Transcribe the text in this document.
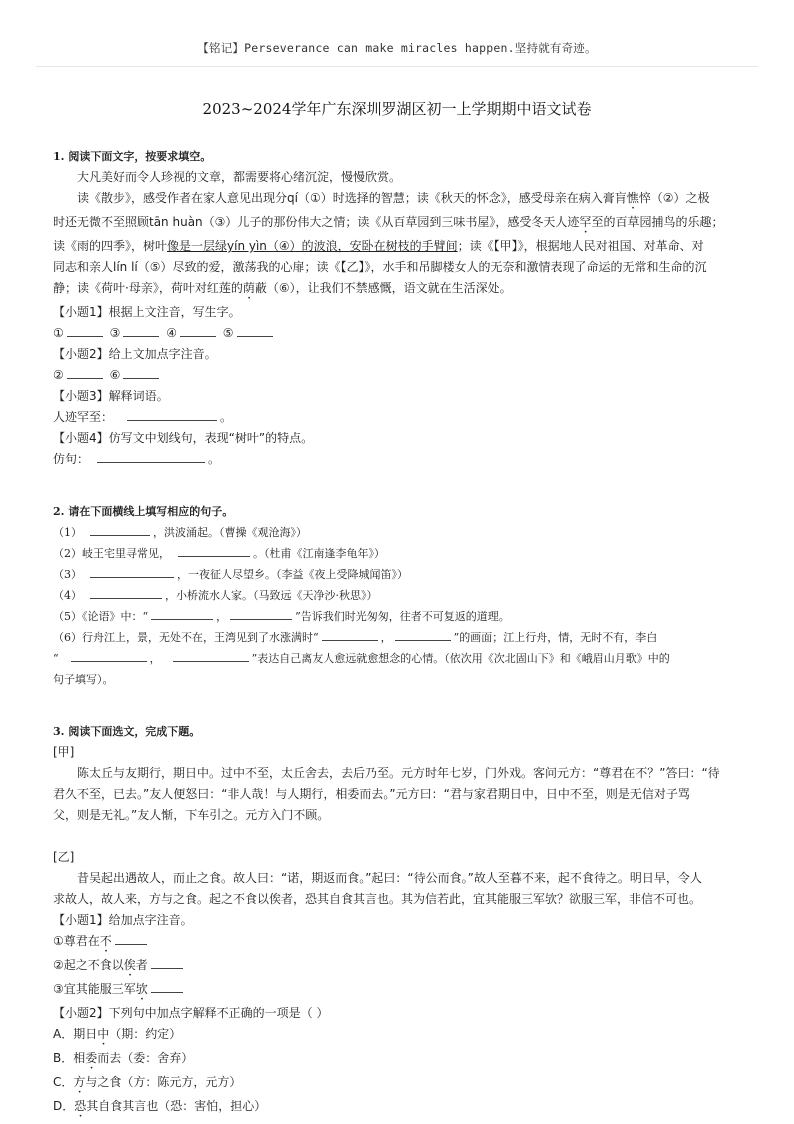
【铭记】Perseverance can make miracles happen.坚持就有奇迹。
2023~2024学年广东深圳罗湖区初一上学期期中语文试卷
1. 阅读下面文字，按要求填空。
大凡美好而令人珍视的文章，都需要将心绪沉淀，慢慢欣赏。
读《散步》，感受作者在家人意见出现分qí（①）时选择的智慧；读《秋天的怀念》，感受母亲在病入膏肓憔悴（②）之极
时还无微不至照顾tān huàn（③）儿子的那份伟大之情；读《从百草园到三味书屋》，感受冬天人迹罕至的百草园捕鸟的乐趣；
读《雨的四季》，树叶像是一层绿yín yìn（④）的波浪，安卧在树枝的手臂间；读《【甲】》，根据地人民对祖国、对革命、对
同志和亲人lín lí（⑤）尽致的爱，激荡我的心扉；读《【乙】》，水手和吊脚楼女人的无奈和激情表现了命运的无常和生命的沉
静；读《荷叶·母亲》，荷叶对红莲的荫蔽（⑥），让我们不禁感慨，语文就在生活深处。
【小题1】根据上文注音，写生字。
①	③	④	⑤
【小题2】给上文加点字注音。
②	⑥
【小题3】解释词语。
人迹罕至：	。
【小题4】仿写文中划线句，表现“树叶”的特点。
仿句：	。
2. 请在下面横线上填写相应的句子。
（1）	，洪波涌起。（曹操《观沧海》）
（2）岐王宅里寻常见，	。（杜甫《江南逢李龟年》）
（3）	，一夜征人尽望乡。（李益《夜上受降城闻笛》）
（4）	，小桥流水人家。（马致远《天净沙·秋思》）
（5）《论语》中：“	，	”告诉我们时光匆匆，往者不可复返的道理。
（6）行舟江上，景，无处不在，王湾见到了水涨满时“	，	”的画面；江上行舟，情，无时不有，李白
“	，	”表达自己离友人愈远就愈想念的心情。（依次用《次北固山下》和《峨眉山月歌》中的
句子填写）。
3. 阅读下面选文，完成下题。
[甲]
陈太丘与友期行，期日中。过中不至，太丘舍去，去后乃至。元方时年七岁，门外戏。客问元方：“尊君在不？”答曰：“待
君久不至，已去。”友人便怒曰：“非人哉！与人期行，相委而去。”元方曰：“君与家君期日中，日中不至，则是无信对子骂
父，则是无礼。”友人惭，下车引之。元方入门不顾。
[乙]
昔吴起出遇故人，而止之食。故人曰：“诺，期返而食。”起曰：“待公而食。”故人至暮不来，起不食待之。明日早，令人
求故人，故人来，方与之食。起之不食以俟者，恐其自食其言也。其为信若此，宜其能服三军欤？欲服三军，非信不可也。
【小题1】给加点字注音。
①尊君在不
②起之不食以俟者
③宜其能服三军欤
【小题2】下列句中加点字解释不正确的一项是（ ）
A．期日中（期：约定）
B．相委而去（委：舍弃）
C．方与之食（方：陈元方，元方）
D．恐其自食其言也（恐：害怕，担心）
